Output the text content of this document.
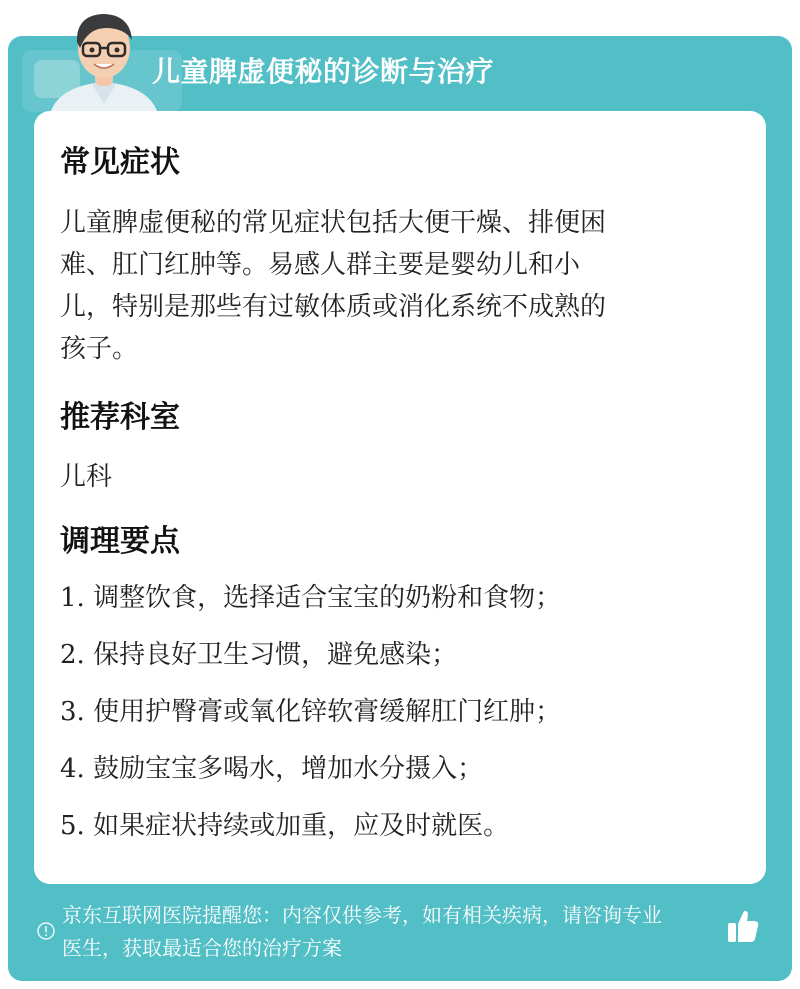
儿童脾虚便秘的诊断与治疗
常见症状
儿童脾虚便秘的常见症状包括大便干燥、排便困
难、肛门红肿等。易感人群主要是婴幼儿和小
儿，特别是那些有过敏体质或消化系统不成熟的
孩子。
推荐科室
儿科
调理要点
1. 调整饮食，选择适合宝宝的奶粉和食物；
2. 保持良好卫生习惯，避免感染；
3. 使用护臀膏或氧化锌软膏缓解肛门红肿；
4. 鼓励宝宝多喝水，增加水分摄入；
5. 如果症状持续或加重，应及时就医。
京东互联网医院提醒您：内容仅供参考，如有相关疾病，请咨询专业
医生，获取最适合您的治疗方案
